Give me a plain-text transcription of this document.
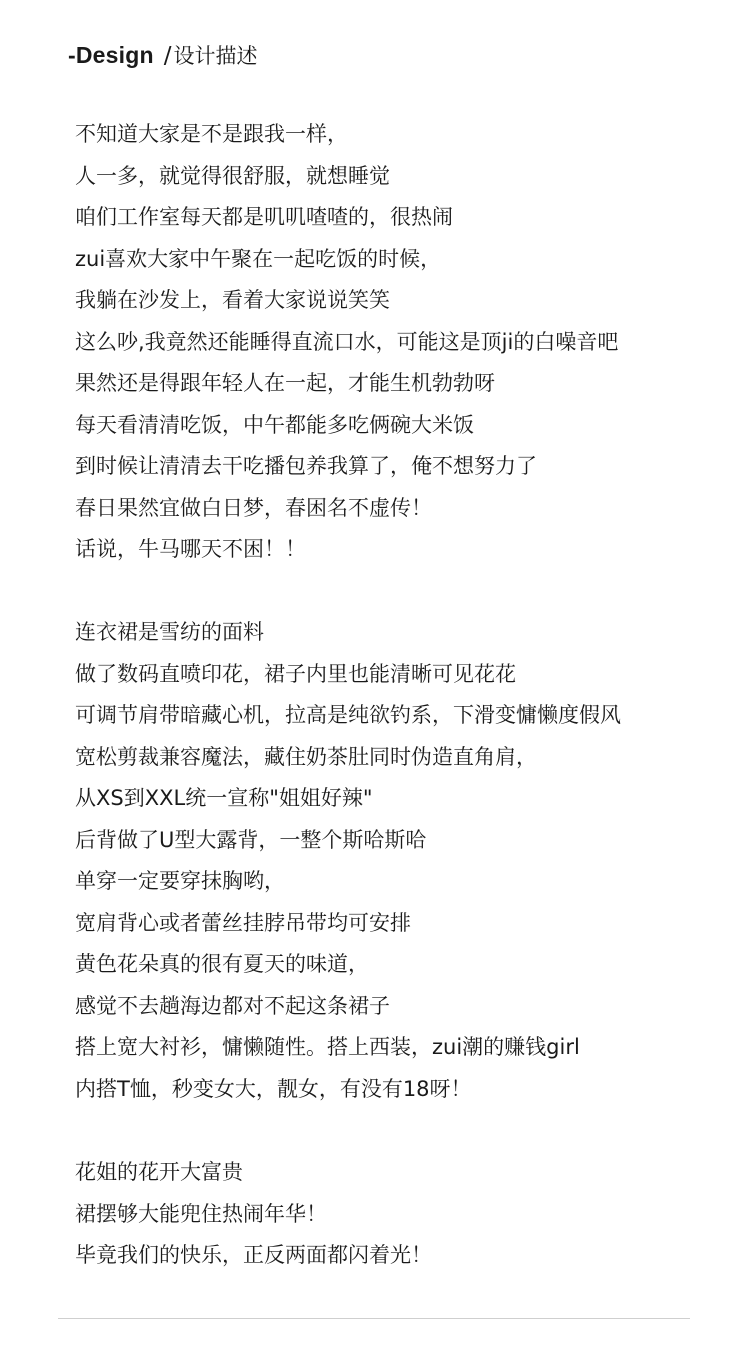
-Design / 设计描述
不知道大家是不是跟我一样，
人一多，就觉得很舒服，就想睡觉
咱们工作室每天都是叽叽喳喳的，很热闹
zui喜欢大家中午聚在一起吃饭的时候，
我躺在沙发上，看着大家说说笑笑
这么吵,我竟然还能睡得直流口水，可能这是顶ji的白噪音吧
果然还是得跟年轻人在一起，才能生机勃勃呀
每天看清清吃饭，中午都能多吃俩碗大米饭
到时候让清清去干吃播包养我算了，俺不想努力了
春日果然宜做白日梦，春困名不虚传！
话说，牛马哪天不困！！
连衣裙是雪纺的面料
做了数码直喷印花，裙子内里也能清晰可见花花
可调节肩带暗藏心机，拉高是纯欲钓系，下滑变慵懒度假风
宽松剪裁兼容魔法，藏住奶茶肚同时伪造直角肩，
从XS到XXL统一宣称"姐姐好辣"
后背做了U型大露背，一整个斯哈斯哈
单穿一定要穿抹胸哟，
宽肩背心或者蕾丝挂脖吊带均可安排
黄色花朵真的很有夏天的味道，
感觉不去趟海边都对不起这条裙子
搭上宽大衬衫，慵懒随性。搭上西装，zui潮的赚钱girl
内搭T恤，秒变女大，靓女，有没有18呀！
花姐的花开大富贵
裙摆够大能兜住热闹年华！
毕竟我们的快乐，正反两面都闪着光！
